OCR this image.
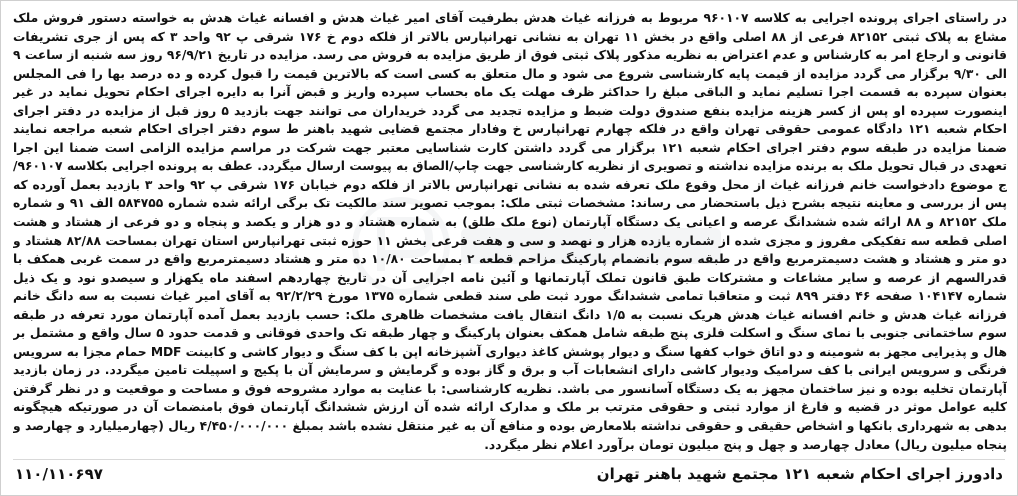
در راستای اجرای پرونده اجرایی به کلاسه ۹۶۰۱۰۷ مربوط به فرزانه غیاث هدش بطرفیت آقای امیر غیاث هدش و افسانه غیاث هدش به خواسته دستور فروش ملک مشاع به پلاک ثبتی ۸۲۱۵۲ فرعی از ۸۸ اصلی واقع در بخش ۱۱ تهران به نشانی تهرانپارس بالاتر از فلکه دوم خ ۱۷۶ شرقی پ ۹۲ واحد ۳ که پس از جری تشریفات قانونی و ارجاع امر به کارشناس و عدم اعتراض به نظریه مذکور پلاک ثبتی فوق از طریق مزایده به فروش می رسد. مزایده در تاریخ ۹۶/۹/۲۱ روز سه شنبه از ساعت ۹ الی ۹/۳۰ برگزار می گردد مزایده از قیمت پایه کارشناسی شروع می شود و مال متعلق به کسی است که بالاترین قیمت را قبول کرده و ده درصد بها را فی المجلس بعنوان سپرده به قسمت اجرا تسلیم نماید و الباقی مبلغ را حداکثر ظرف مهلت یک ماه بحساب سپرده واریز و قبض آنرا به دایره اجرای احکام تحویل نماید در غیر اینصورت سپرده او پس از کسر هزینه مزایده بنفع صندوق دولت ضبط و مزایده تجدید می گردد خریداران می توانند جهت بازدید ۵ روز قبل از مزایده در دفتر اجرای احکام شعبه ۱۲۱ دادگاه عمومی حقوقی تهران واقع در فلکه چهارم تهرانپارس خ وفادار مجتمع قضایی شهید باهنر ط سوم دفتر اجرای احکام شعبه مراجعه نمایند ضمنا مزایده در طبقه سوم دفتر اجرای احکام شعبه ۱۲۱ برگزار می گردد داشتن کارت شناسایی معتبر جهت شرکت در مراسم مزایده الزامی است ضمنا این اجرا تعهدی در قبال تحویل ملک به برنده مزایده نداشته و تصویری از نظریه کارشناسی جهت چاپ/الصاق به پیوست ارسال میگردد. عطف به پرونده اجرایی بکلاسه ۹۶۰۱۰۷/ج موضوع دادخواست خانم فرزانه غیاث از محل وقوع ملک تعرفه شده به نشانی تهرانپارس بالاتر از فلکه دوم خیابان ۱۷۶ شرقی پ ۹۲ واحد ۳ بازدید بعمل آورده که پس از بررسی و معاینه نتیجه بشرح ذیل باستحضار می رساند: مشخصات ثبتی ملک: بموجب تصویر سند مالکیت تک برگی ارائه شده شماره ۵۸۴۷۵۵ الف ۹۱ و شماره ملک ۸۲۱۵۲ و ۸۸ ارائه شده ششدانگ عرصه و اعیانی یک دستگاه آپارتمان (نوع ملک طلق) به شماره هشتاد و دو هزار و یکصد و پنجاه و دو فرعی از هشتاد و هشت اصلی قطعه سه تفکیکی مفروز و مجزی شده از شماره یازده هزار و نهصد و سی و هفت فرعی بخش ۱۱ حوزه ثبتی تهرانپارس استان تهران بمساحت ۸۲/۸۸ هشتاد و دو متر و هشتاد و هشت دسیمترمربع واقع در طبقه سوم بانضمام پارکینگ مزاحم قطعه ۲ بمساحت ۱۰/۸۰ ده متر و هشتاد دسیمترمربع واقع در سمت غربی همکف با قدرالسهم از عرصه و سایر مشاعات و مشترکات طبق قانون تملک آپارتمانها و آئین نامه اجرایی آن در تاریخ چهاردهم اسفند ماه یکهزار و سیصدو نود و یک ذیل شماره ۱۰۴۱۴۷ صفحه ۴۶ دفتر ۸۹۹ ثبت و متعاقبا تمامی ششدانگ مورد ثبت طی سند قطعی شماره ۱۳۷۵ مورخ ۹۲/۲/۲۹ به آقای امیر غیاث نسبت به سه دانگ خانم فرزانه غیاث هدش و خانم افسانه غیاث هدش هریک نسبت به ۱/۵ دانگ انتقال یافت مشخصات ظاهری ملک: حسب بازدید بعمل آمده آپارتمان مورد تعرفه در طبقه سوم ساختمانی جنوبی با نمای سنگ و اسکلت فلزی پنج طبقه شامل همکف بعنوان پارکینگ و چهار طبقه تک واحدی فوقانی و قدمت حدود ۵ سال واقع و مشتمل بر هال و پذیرایی مجهز به شومینه و دو اتاق خواب کفها سنگ و دیوار پوشش کاغذ دیواری آشپزخانه اپن با کف سنگ و دیوار کاشی و کابینت MDF حمام مجزا به سرویس فرنگی و سرویس ایرانی با کف سرامیک ودیوار کاشی دارای انشعابات آب و برق و گاز بوده و گرمایش و سرمایش آن با پکیج و اسپیلت تامین میگردد. در زمان بازدید آپارتمان تخلیه بوده و نیز ساختمان مجهز به یک دستگاه آسانسور می باشد. نظریه کارشناسی: با عنایت به موارد مشروحه فوق و مساحت و موقعیت و در نظر گرفتن کلیه عوامل موثر در قضیه و فارغ از موارد ثبتی و حقوقی مترتب بر ملک و مدارک ارائه شده آن ارزش ششدانگ آپارتمان فوق بامنضمات آن در صورتیکه هیچگونه بدهی به شهرداری بانکها و اشخاص حقیقی و حقوقی نداشته بلامعارض بوده و منافع آن به غیر منتقل نشده باشد بمبلغ ۴/۴۵۰/۰۰۰/۰۰۰ ریال (چهارمیلیارد و چهارصد و پنجاه میلیون ریال) معادل چهارصد و چهل و پنج میلیون تومان برآورد اعلام نظر میگردد.

۱۱۰/۱۱۰۶۹۷	دادورز اجرای احکام شعبه ۱۲۱ مجتمع شهید باهنر تهران
